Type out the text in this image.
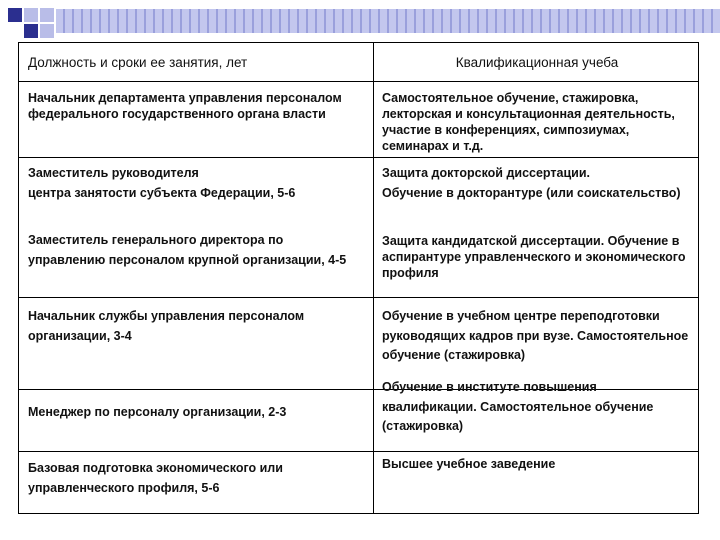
Должность и сроки ее занятия, лет	Квалификационная учеба
Начальник департамента управления персоналом федерального государственного органа власти
Самостоятельное обучение, стажировка, лекторская и консультационная деятельность, участие в конференциях, симпозиумах, семинарах и т.д.
Заместитель руководителя
центра занятости субъекта Федерации, 5-6
Заместитель генерального директора по управлению персоналом крупной организации, 4-5
Защита докторской диссертации.
Обучение в докторантуре (или соискательство)
Защита кандидатской диссертации. Обучение в аспирантуре управленческого и экономического профиля
Начальник службы управления персоналом организации, 3-4
Обучение в учебном центре переподготовки руководящих кадров при вузе. Самостоятельное обучение (стажировка)
Менеджер по персоналу организации, 2-3
Обучение в институте повышения квалификации. Самостоятельное обучение (стажировка)
Базовая подготовка экономического или управленческого профиля, 5-6
Высшее учебное заведение
